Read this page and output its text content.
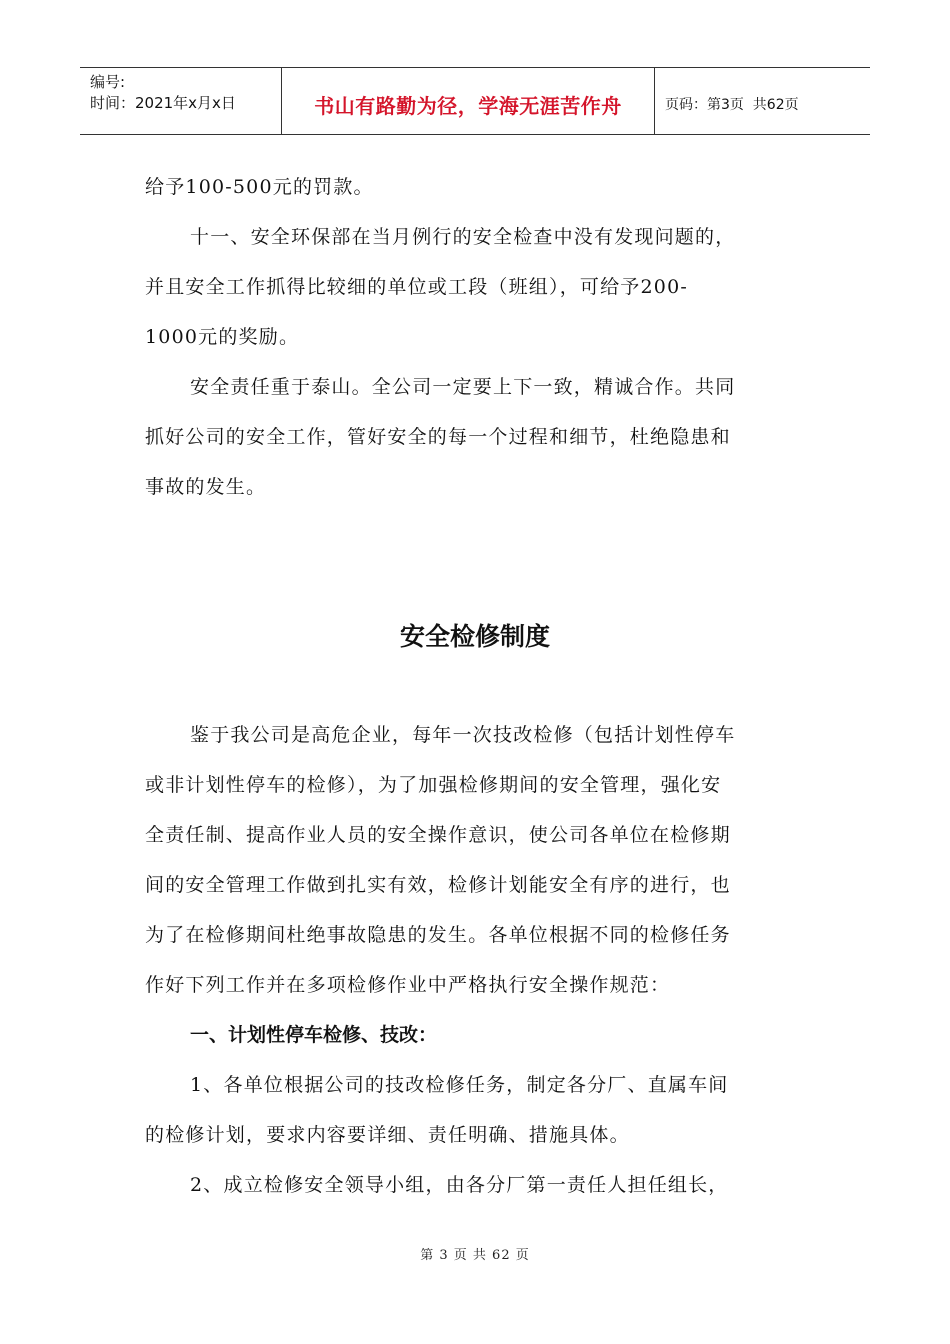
编号:
时间：2021年x月x日	书山有路勤为径，学海无涯苦作舟	页码：第3页  共62页
给予100-500元的罚款。
十一、安全环保部在当月例行的安全检查中没有发现问题的，
并且安全工作抓得比较细的单位或工段（班组），可给予200-
1000元的奖励。
安全责任重于泰山。全公司一定要上下一致，精诚合作。共同
抓好公司的安全工作，管好安全的每一个过程和细节，杜绝隐患和
事故的发生。
安全检修制度
鉴于我公司是高危企业，每年一次技改检修（包括计划性停车
或非计划性停车的检修），为了加强检修期间的安全管理，强化安
全责任制、提高作业人员的安全操作意识，使公司各单位在检修期
间的安全管理工作做到扎实有效，检修计划能安全有序的进行，也
为了在检修期间杜绝事故隐患的发生。各单位根据不同的检修任务
作好下列工作并在多项检修作业中严格执行安全操作规范：
一、计划性停车检修、技改：
1、各单位根据公司的技改检修任务，制定各分厂、直属车间
的检修计划，要求内容要详细、责任明确、措施具体。
2、成立检修安全领导小组，由各分厂第一责任人担任组长，
第 3 页 共 62 页
